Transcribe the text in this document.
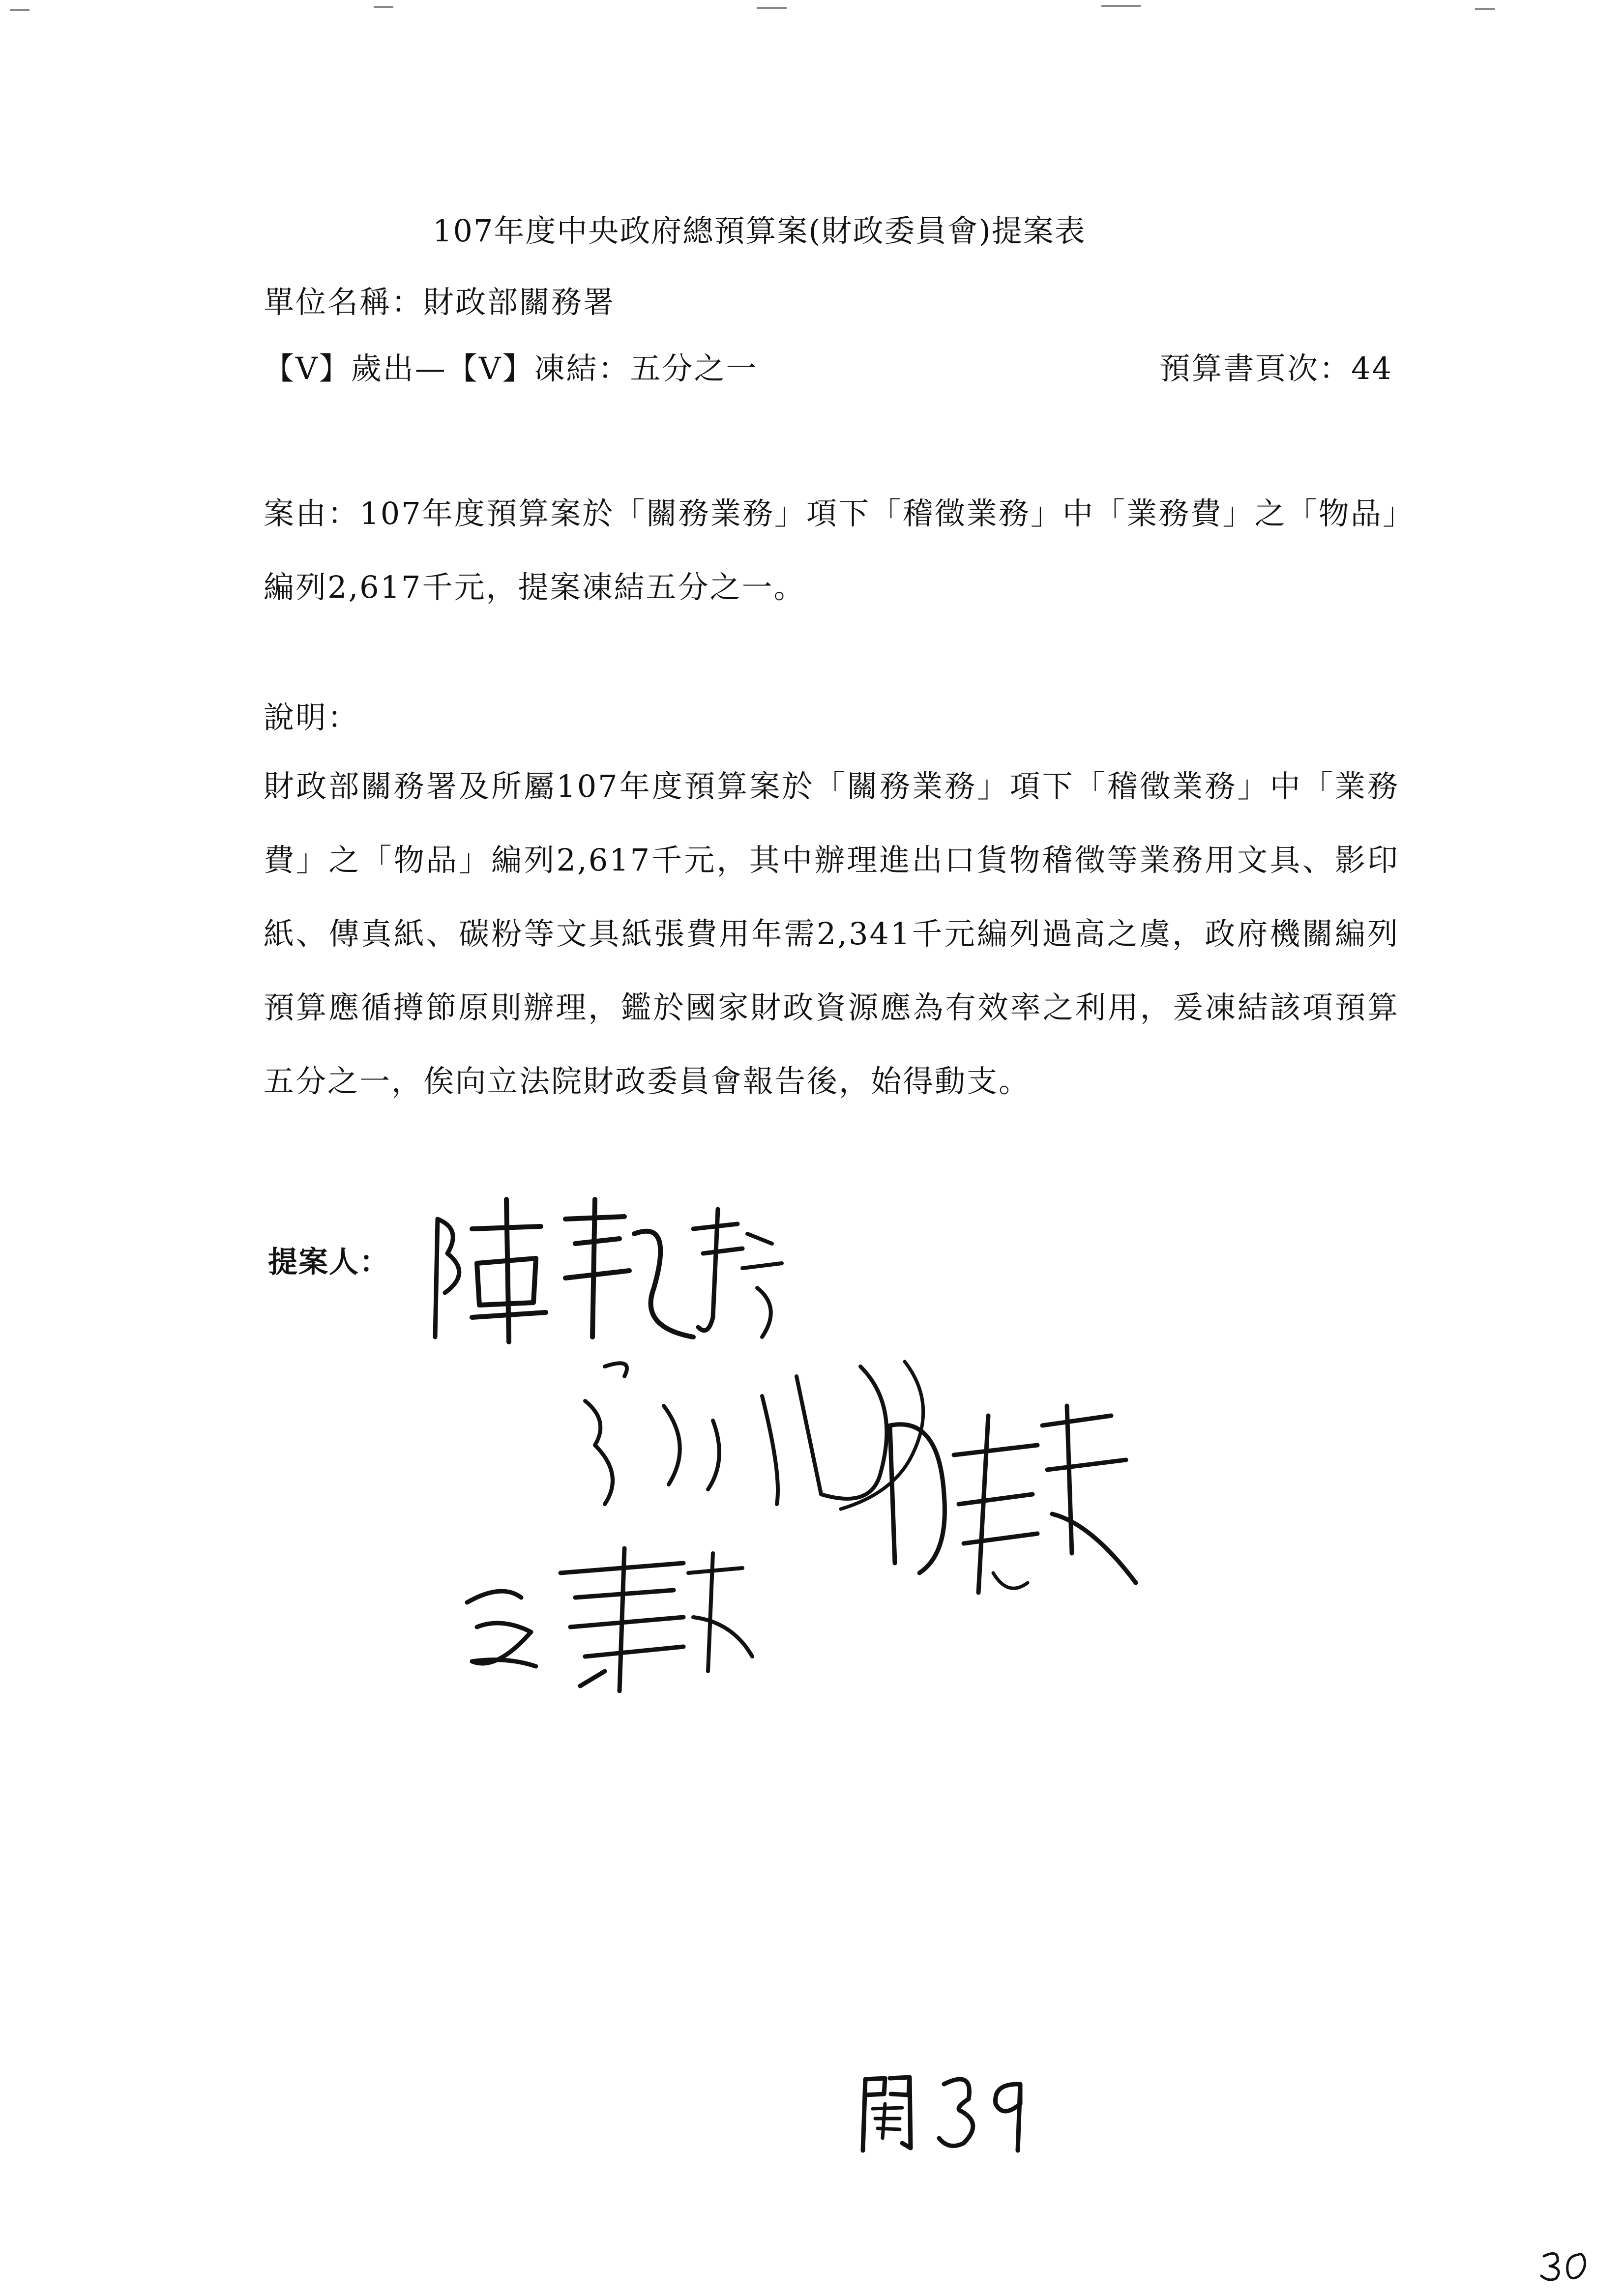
107年度中央政府總預算案(財政委員會)提案表
單位名稱：財政部關務署
【V】歲出—【V】凍結：五分之一	預算書頁次：44
案由：107年度預算案於「關務業務」項下「稽徵業務」中「業務費」之「物品」編列2,617千元，提案凍結五分之一。
說明：
財政部關務署及所屬107年度預算案於「關務業務」項下「稽徵業務」中「業務費」之「物品」編列2,617千元，其中辦理進出口貨物稽徵等業務用文具、影印紙、傳真紙、碳粉等文具紙張費用年需2,341千元編列過高之虞，政府機關編列預算應循撙節原則辦理，鑑於國家財政資源應為有效率之利用，爰凍結該項預算五分之一，俟向立法院財政委員會報告後，始得動支。
提案人：
